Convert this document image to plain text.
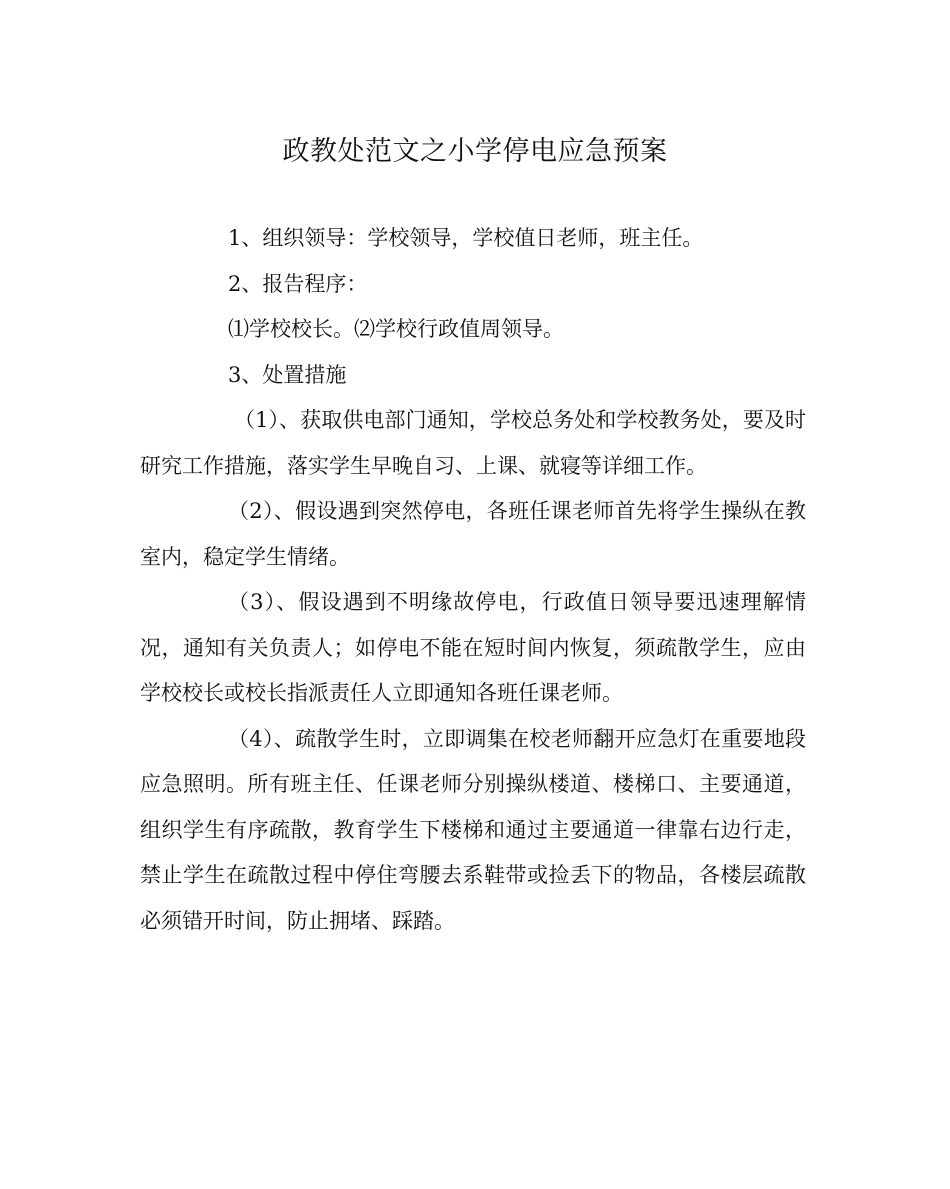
政教处范文之小学停电应急预案

1、组织领导：学校领导，学校值日老师，班主任。

2、报告程序：

⑴学校校长。⑵学校行政值周领导。

3、处置措施

（1）、获取供电部门通知，学校总务处和学校教务处，要及时研究工作措施，落实学生早晚自习、上课、就寝等详细工作。

（2）、假设遇到突然停电，各班任课老师首先将学生操纵在教室内，稳定学生情绪。

（3）、假设遇到不明缘故停电，行政值日领导要迅速理解情况，通知有关负责人；如停电不能在短时间内恢复，须疏散学生，应由学校校长或校长指派责任人立即通知各班任课老师。

（4）、疏散学生时，立即调集在校老师翻开应急灯在重要地段应急照明。所有班主任、任课老师分别操纵楼道、楼梯口、主要通道，组织学生有序疏散，教育学生下楼梯和通过主要通道一律靠右边行走，禁止学生在疏散过程中停住弯腰去系鞋带或捡丢下的物品，各楼层疏散必须错开时间，防止拥堵、踩踏。
